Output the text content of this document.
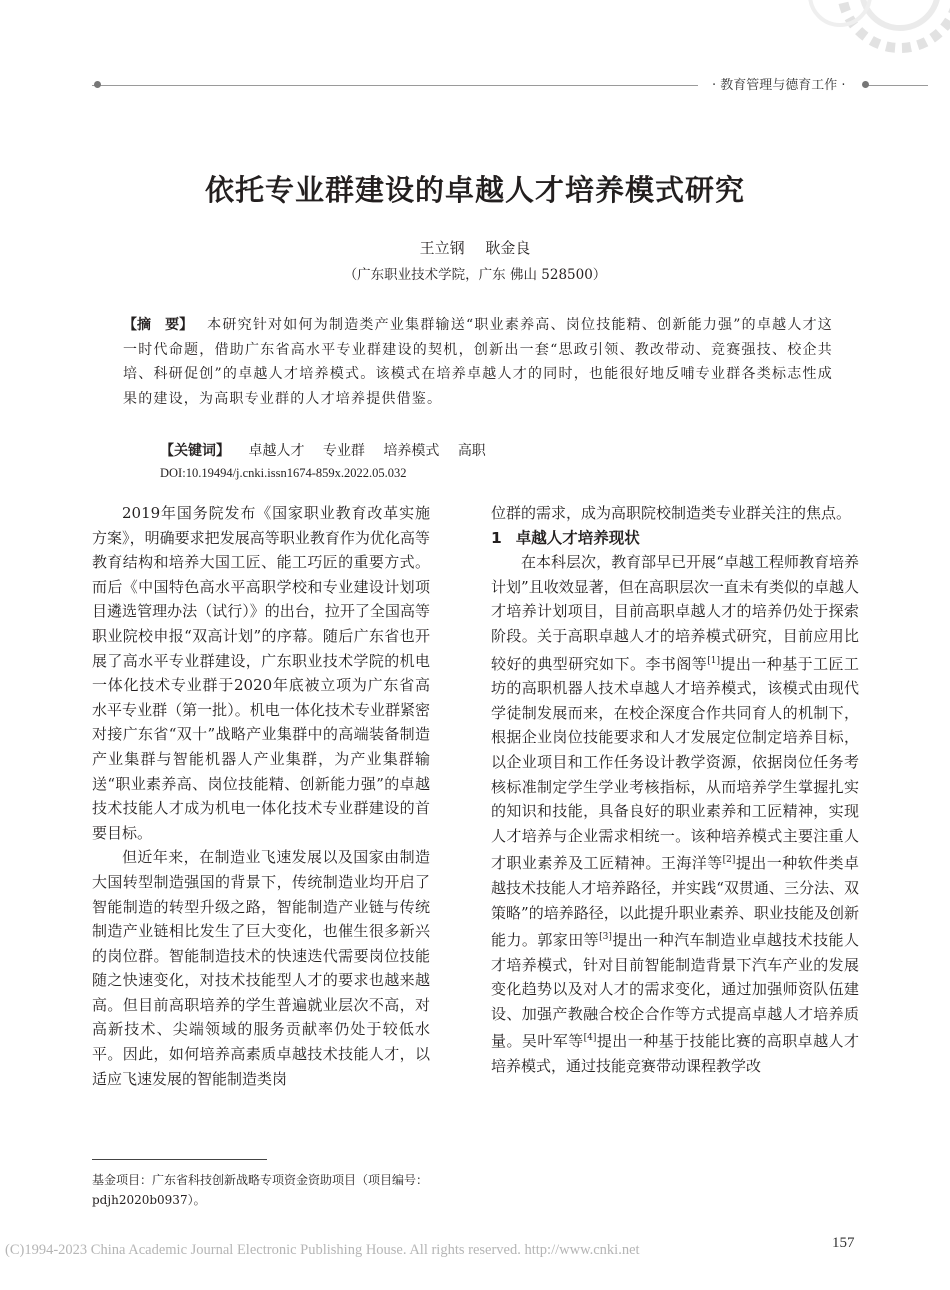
· 教育管理与德育工作 ·
依托专业群建设的卓越人才培养模式研究
王立钢 耿金良
（广东职业技术学院，广东 佛山 528500）
【摘　要】 本研究针对如何为制造类产业集群输送“职业素养高、岗位技能精、创新能力强”的卓越人才这一时代命题，借助广东省高水平专业群建设的契机，创新出一套“思政引领、教改带动、竞赛强技、校企共培、科研促创”的卓越人才培养模式。该模式在培养卓越人才的同时，也能很好地反哺专业群各类标志性成果的建设，为高职专业群的人才培养提供借鉴。
【关键词】 卓越人才 专业群 培养模式 高职
DOI:10.19494/j.cnki.issn1674-859x.2022.05.032

2019年国务院发布《国家职业教育改革实施方案》，明确要求把发展高等职业教育作为优化高等教育结构和培养大国工匠、能工巧匠的重要方式。而后《中国特色高水平高职学校和专业建设计划项目遴选管理办法（试行）》的出台，拉开了全国高等职业院校申报“双高计划”的序幕。随后广东省也开展了高水平专业群建设，广东职业技术学院的机电一体化技术专业群于2020年底被立项为广东省高水平专业群（第一批）。机电一体化技术专业群紧密对接广东省“双十”战略产业集群中的高端装备制造产业集群与智能机器人产业集群，为产业集群输送“职业素养高、岗位技能精、创新能力强”的卓越技术技能人才成为机电一体化技术专业群建设的首要目标。

但近年来，在制造业飞速发展以及国家由制造大国转型制造强国的背景下，传统制造业均开启了智能制造的转型升级之路，智能制造产业链与传统制造产业链相比发生了巨大变化，也催生很多新兴的岗位群。智能制造技术的快速迭代需要岗位技能随之快速变化，对技术技能型人才的要求也越来越高。但目前高职培养的学生普遍就业层次不高，对高新技术、尖端领域的服务贡献率仍处于较低水平。因此，如何培养高素质卓越技术技能人才，以适应飞速发展的智能制造类岗

位群的需求，成为高职院校制造类专业群关注的焦点。

1 卓越人才培养现状

在本科层次，教育部早已开展“卓越工程师教育培养计划”且收效显著，但在高职层次一直未有类似的卓越人才培养计划项目，目前高职卓越人才的培养仍处于探索阶段。关于高职卓越人才的培养模式研究，目前应用比较好的典型研究如下。李书阁等[1]提出一种基于工匠工坊的高职机器人技术卓越人才培养模式，该模式由现代学徒制发展而来，在校企深度合作共同育人的机制下，根据企业岗位技能要求和人才发展定位制定培养目标，以企业项目和工作任务设计教学资源，依据岗位任务考核标准制定学生学业考核指标，从而培养学生掌握扎实的知识和技能，具备良好的职业素养和工匠精神，实现人才培养与企业需求相统一。该种培养模式主要注重人才职业素养及工匠精神。王海洋等[2]提出一种软件类卓越技术技能人才培养路径，并实践“双贯通、三分法、双策略”的培养路径，以此提升职业素养、职业技能及创新能力。郭家田等[3]提出一种汽车制造业卓越技术技能人才培养模式，针对目前智能制造背景下汽车产业的发展变化趋势以及对人才的需求变化，通过加强师资队伍建设、加强产教融合校企合作等方式提高卓越人才培养质量。吴叶军等[4]提出一种基于技能比赛的高职卓越人才培养模式，通过技能竞赛带动课程教学改

基金项目：广东省科技创新战略专项资金资助项目（项目编号：pdjh2020b0937）。
(C)1994-2023 China Academic Journal Electronic Publishing House. All rights reserved. http://www.cnki.net	157
